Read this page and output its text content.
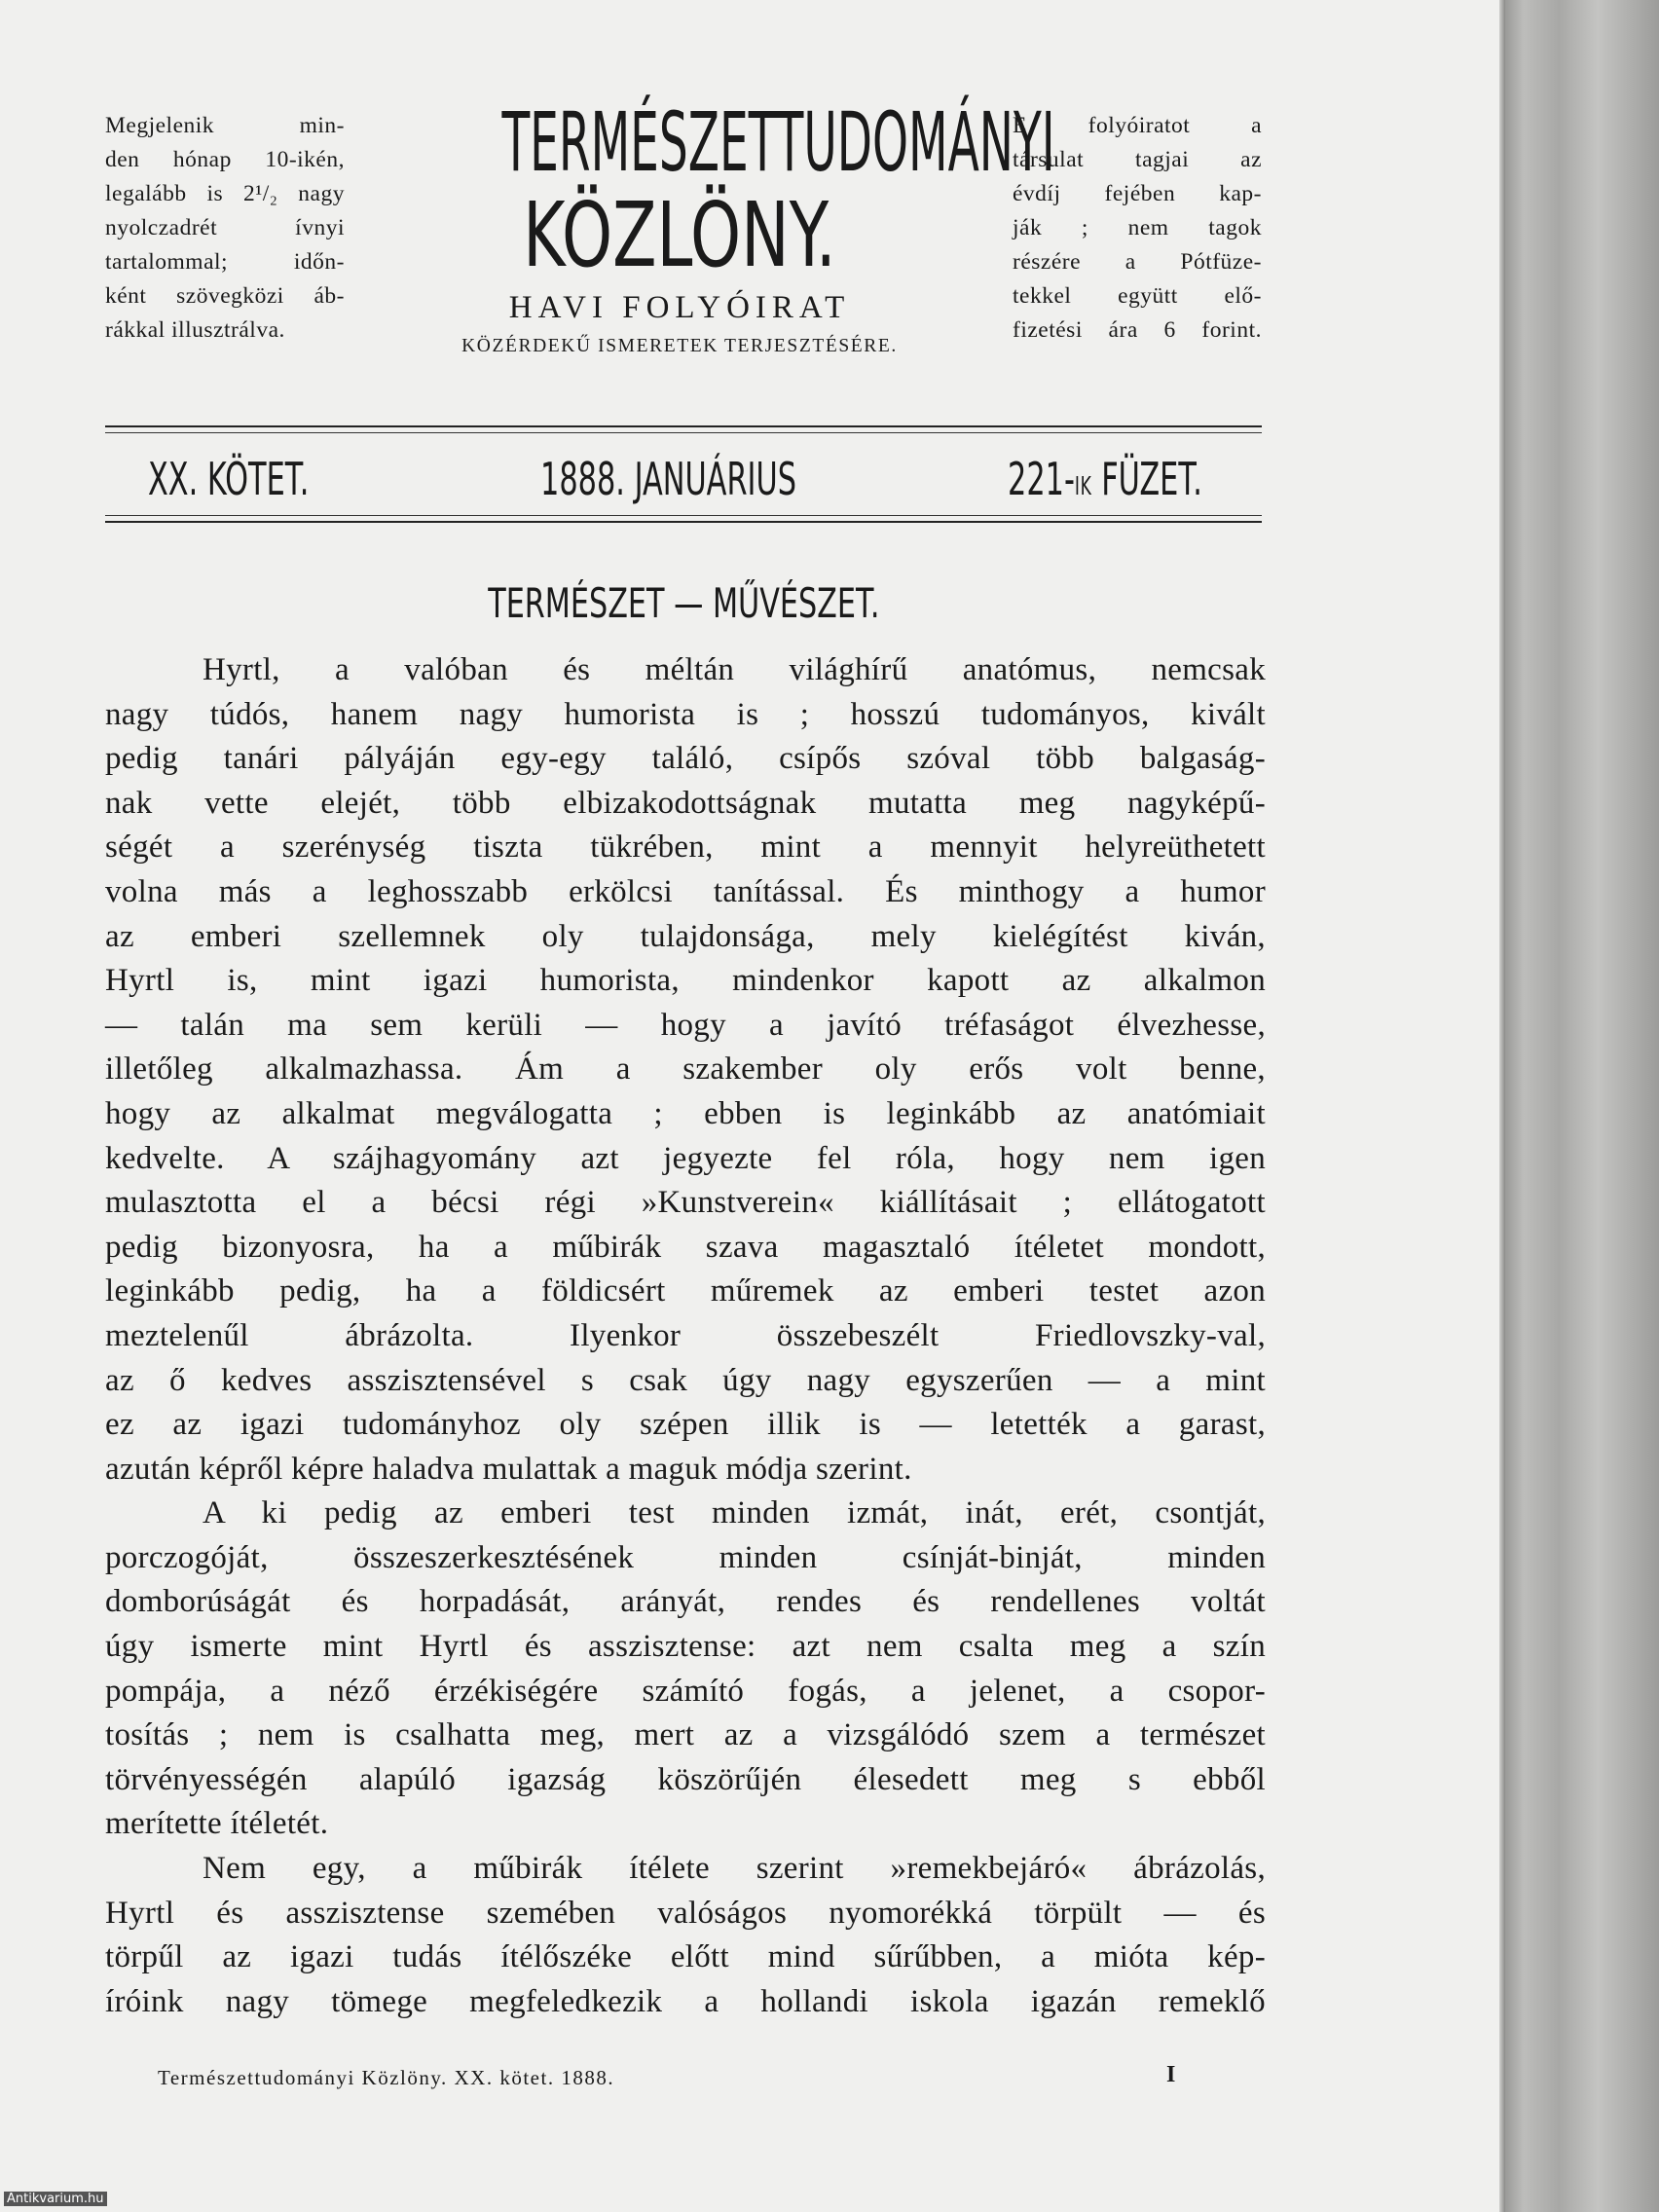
Megjelenik min-
den hónap 10-ikén,
legalább is 2¹/₂ nagy
nyolczadrét ívnyi
tartalommal; időn-
ként szövegközi áb-
rákkal illusztrálva.
TERMÉSZETTUDOMÁNYI
KÖZLÖNY.
HAVI FOLYÓIRAT
KÖZÉRDEKŰ ISMERETEK TERJESZTÉSÉRE.
E folyóiratot a
társulat tagjai az
évdíj fejében kap-
ják ; nem tagok
részére a Pótfüze-
tekkel együtt elő-
fizetési ára 6 forint.
XX. KÖTET.	1888. JANUÁRIUS	221-IK FÜZET.
TERMÉSZET — MŰVÉSZET.
Hyrtl, a valóban és méltán világhírű anatómus, nemcsak
nagy túdós, hanem nagy humorista is ; hosszú tudományos, kivált
pedig tanári pályáján egy-egy találó, csípős szóval több balgaság-
nak vette elejét, több elbizakodottságnak mutatta meg nagyképű-
ségét a szerénység tiszta tükrében, mint a mennyit helyreüthetett
volna más a leghosszabb erkölcsi tanítással. És minthogy a humor
az emberi szellemnek oly tulajdonsága, mely kielégítést kiván,
Hyrtl is, mint igazi humorista, mindenkor kapott az alkalmon
— talán ma sem kerüli — hogy a javító tréfaságot élvezhesse,
illetőleg alkalmazhassa. Ám a szakember oly erős volt benne,
hogy az alkalmat megválogatta ; ebben is leginkább az anatómiait
kedvelte. A szájhagyomány azt jegyezte fel róla, hogy nem igen
mulasztotta el a bécsi régi »Kunstverein« kiállításait ; ellátogatott
pedig bizonyosra, ha a műbirák szava magasztaló ítéletet mondott,
leginkább pedig, ha a földicsért műremek az emberi testet azon
meztelenűl ábrázolta. Ilyenkor összebeszélt Friedlovszky-val,
az ő kedves asszisztensével s csak úgy nagy egyszerűen — a mint
ez az igazi tudományhoz oly szépen illik is — letették a garast,
azután képről képre haladva mulattak a maguk módja szerint.
A ki pedig az emberi test minden izmát, inát, erét, csontját,
porczogóját, összeszerkesztésének minden csínját-binját, minden
domborúságát és horpadását, arányát, rendes és rendellenes voltát
úgy ismerte mint Hyrtl és asszisztense: azt nem csalta meg a szín
pompája, a néző érzékiségére számító fogás, a jelenet, a csopor-
tosítás ; nem is csalhatta meg, mert az a vizsgálódó szem a természet
törvényességén alapúló igazság köszörűjén élesedett meg s ebből
merítette ítéletét.
Nem egy, a műbirák ítélete szerint »remekbejáró« ábrázolás,
Hyrtl és asszisztense szemében valóságos nyomorékká törpült — és
törpűl az igazi tudás ítélőszéke előtt mind sűrűbben, a mióta kép-
íróink nagy tömege megfeledkezik a hollandi iskola igazán remeklő
Természettudományi Közlöny. XX. kötet. 1888.	I
Antikvarium.hu
